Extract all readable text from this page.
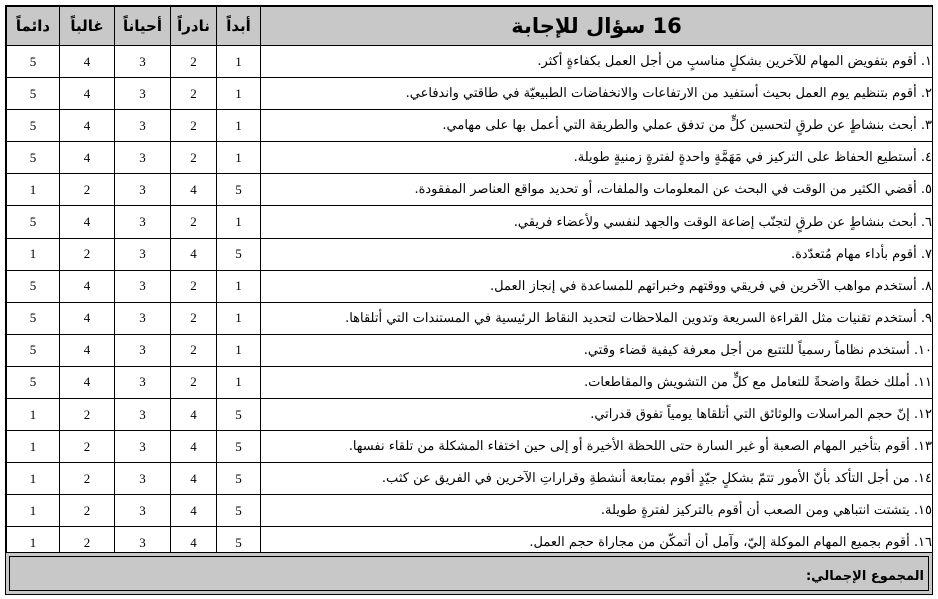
16 سؤال للإجابة	أبداً	نادراً	أحياناً	غالباً	دائماً
١. أقوم بتفويض المهام للآخرين بشكلٍ مناسبٍ من أجل العمل بكفاءةٍ أكثر.	1	2	3	4	5
٢. أقوم بتنظيم يوم العمل بحيث أستفيد من الارتفاعات والانخفاضات الطبيعيّة في طاقتي واندفاعي.	1	2	3	4	5
٣. أبحث بنشاطٍ عن طرقٍ لتحسين كلٍّ من تدفق عملي والطريقة التي أعمل بها على مهامي.	1	2	3	4	5
٤. أستطيع الحفاظ على التركيز في مَهَمَّةٍ واحدةٍ لفترةٍ زمنيةٍ طويلة.	1	2	3	4	5
٥. أقضي الكثير من الوقت في البحث عن المعلومات والملفات، أو تحديد مواقع العناصر المفقودة.	5	4	3	2	1
٦. أبحث بنشاطٍ عن طرقٍ لتجنّب إضاعة الوقت والجهد لنفسي ولأعضاء فريقي.	1	2	3	4	5
٧. أقوم بأداء مهام مُتعدّدة.	5	4	3	2	1
٨. أستخدم مواهب الآخرين في فريقي ووقتهم وخبراتهم للمساعدة في إنجاز العمل.	1	2	3	4	5
٩. أستخدم تقنيات مثل القراءة السريعة وتدوين الملاحظات لتحديد النقاط الرئيسية في المستندات التي أتلقاها.	1	2	3	4	5
١٠. أستخدم نظاماً رسمياً للتتبع من أجل معرفة كيفية قضاء وقتي.	1	2	3	4	5
١١. أملك خطةً واضحةً للتعامل مع كلٍّ من التشويش والمقاطعات.	1	2	3	4	5
١٢. إنّ حجم المراسلات والوثائق التي أتلقاها يومياً تفوق قدراتي.	5	4	3	2	1
١٣. أقوم بتأخير المهام الصعبة أو غير السارة حتى اللحظة الأخيرة أو إلى حين اختفاء المشكلة من تلقاء نفسها.	5	4	3	2	1
١٤. من أجل التأكد بأنّ الأمور تتمّ بشكلٍ جيّدٍ أقوم بمتابعة أنشطةِ وقراراتِ الآخرين في الفريق عن كثب.	5	4	3	2	1
١٥. يتشتت انتباهي ومن الصعب أن أقوم بالتركيز لفترةٍ طويلة.	5	4	3	2	1
١٦. أقوم بجميع المهام الموكلة إليّ، وآمل أن أتمكّن من مجاراة حجم العمل.	5	4	3	2	1
المجموع الإجمالي:
